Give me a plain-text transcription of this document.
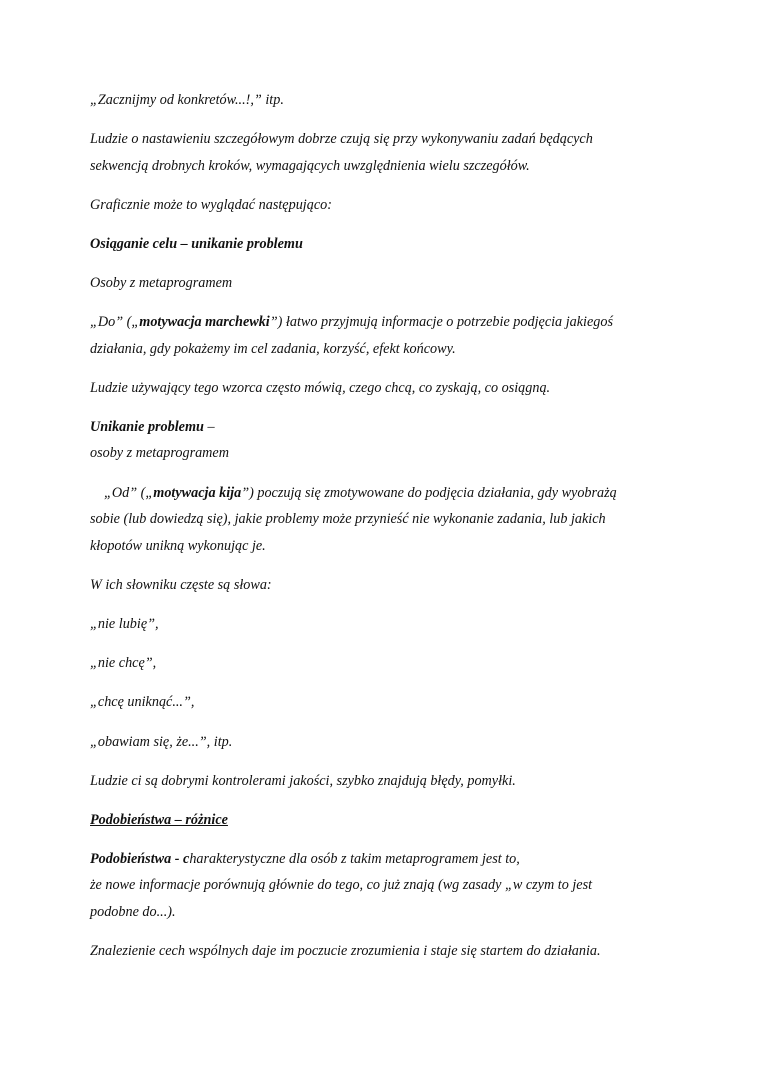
„Zacznijmy od konkretów...!,” itp.

Ludzie o nastawieniu szczegółowym dobrze czują się przy wykonywaniu zadań będących

sekwencją drobnych kroków, wymagających uwzględnienia wielu szczegółów.

Graficznie może to wyglądać następująco:

Osiąganie celu – unikanie problemu

Osoby z metaprogramem

„Do” („motywacja marchewki”) łatwo przyjmują informacje o potrzebie podjęcia jakiegoś

działania, gdy pokażemy im cel zadania, korzyść, efekt końcowy.

Ludzie używający tego wzorca często mówią, czego chcą, co zyskają, co osiągną.

Unikanie problemu –

osoby z metaprogramem

„Od” („motywacja kija”) poczują się zmotywowane do podjęcia działania, gdy wyobrażą

sobie (lub dowiedzą się), jakie problemy może przynieść nie wykonanie zadania, lub jakich

kłopotów unikną wykonując je.

W ich słowniku częste są słowa:

„nie lubię”,

„nie chcę”,

„chcę uniknąć...”,

„obawiam się, że...”, itp.

Ludzie ci są dobrymi kontrolerami jakości, szybko znajdują błędy, pomyłki.

Podobieństwa – różnice

Podobieństwa - charakterystyczne dla osób z takim metaprogramem jest to,

że nowe informacje porównują głównie do tego, co już znają (wg zasady „w czym to jest

podobne do...).

Znalezienie cech wspólnych daje im poczucie zrozumienia i staje się startem do działania.
